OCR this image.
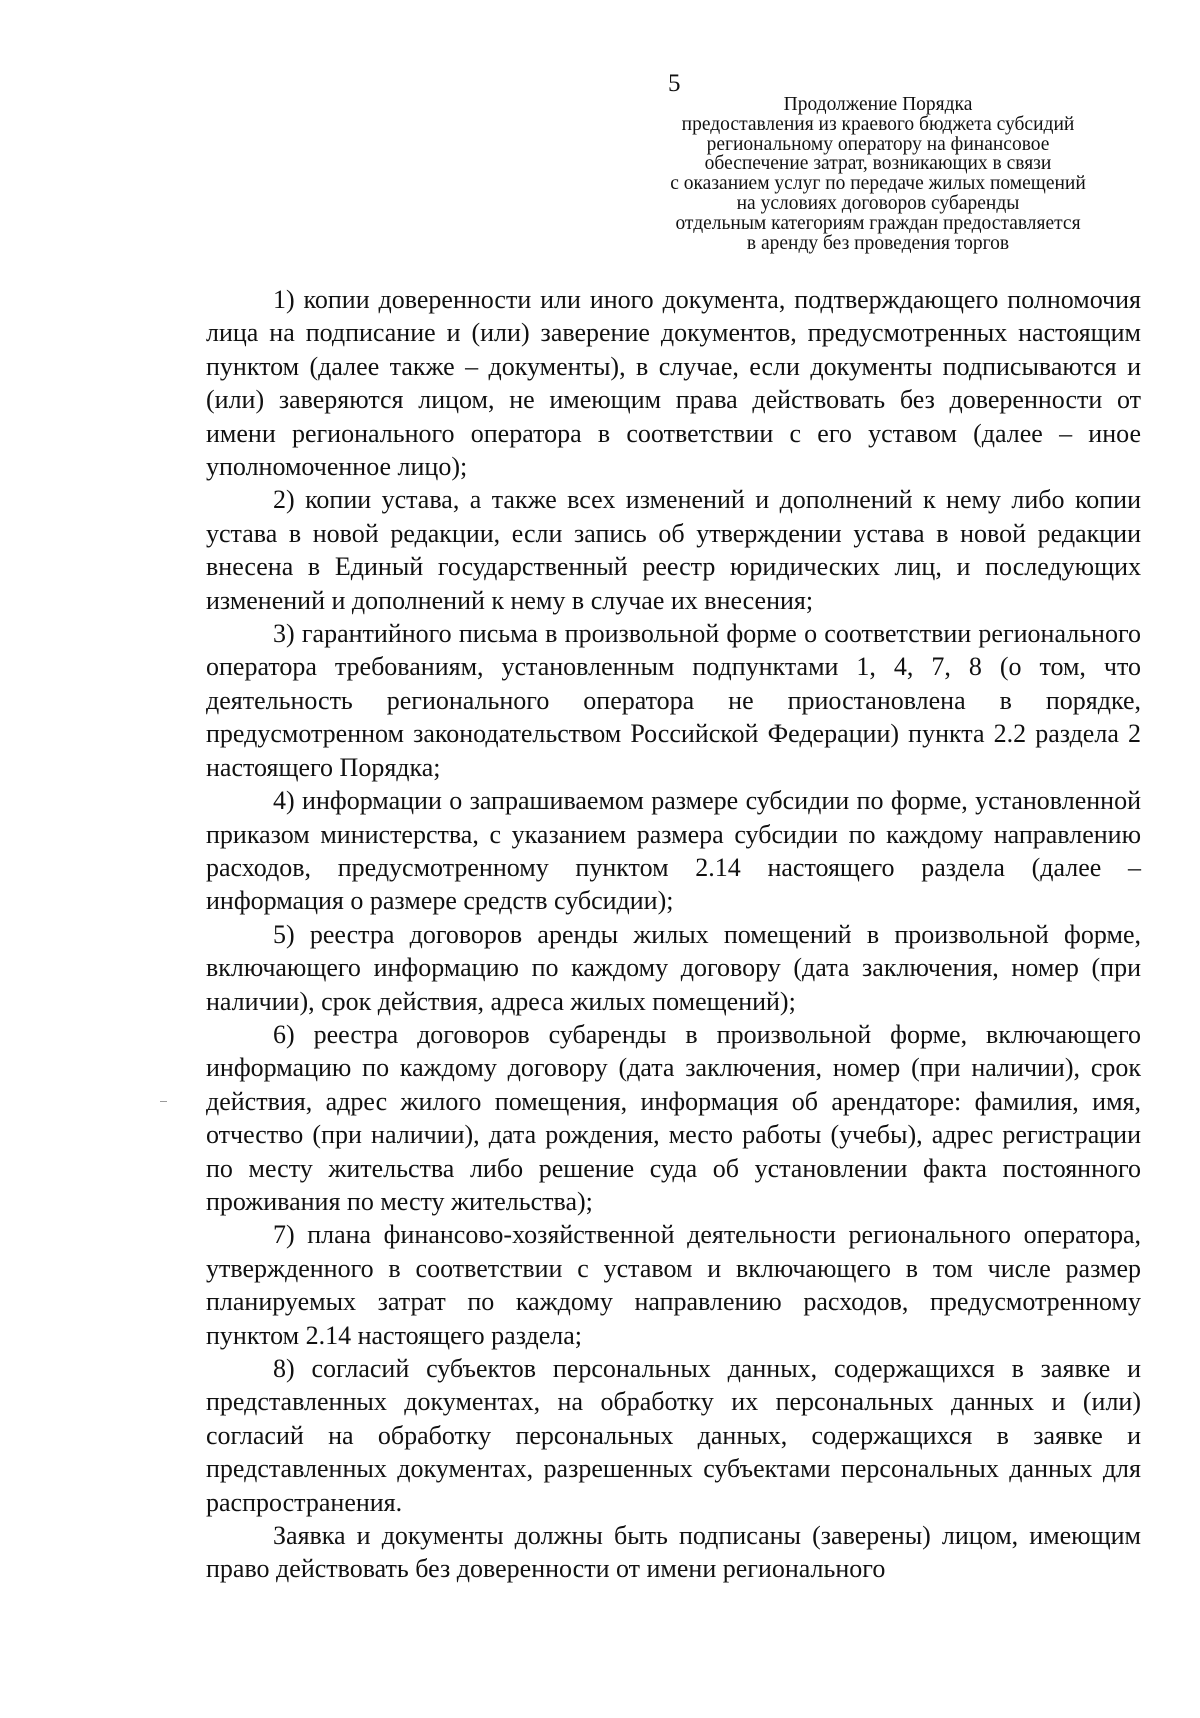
5
Продолжение Порядка
предоставления из краевого бюджета субсидий
региональному оператору на финансовое
обеспечение затрат, возникающих в связи
с оказанием услуг по передаче жилых помещений
на условиях договоров субаренды
отдельным категориям граждан предоставляется
в аренду без проведения торгов

1) копии доверенности или иного документа, подтверждающего полномочия лица на подписание и (или) заверение документов, предусмотренных настоящим пунктом (далее также – документы), в случае, если документы подписываются и (или) заверяются лицом, не имеющим права действовать без доверенности от имени регионального оператора в соответствии с его уставом (далее – иное уполномоченное лицо);

2) копии устава, а также всех изменений и дополнений к нему либо копии устава в новой редакции, если запись об утверждении устава в новой редакции внесена в Единый государственный реестр юридических лиц, и последующих изменений и дополнений к нему в случае их внесения;

3) гарантийного письма в произвольной форме о соответствии регионального оператора требованиям, установленным подпунктами 1, 4, 7, 8 (о том, что деятельность регионального оператора не приостановлена в порядке, предусмотренном законодательством Российской Федерации) пункта 2.2 раздела 2 настоящего Порядка;

4) информации о запрашиваемом размере субсидии по форме, установленной приказом министерства, с указанием размера субсидии по каждому направлению расходов, предусмотренному пунктом 2.14 настоящего раздела (далее – информация о размере средств субсидии);

5) реестра договоров аренды жилых помещений в произвольной форме, включающего информацию по каждому договору (дата заключения, номер (при наличии), срок действия, адреса жилых помещений);

6) реестра договоров субаренды в произвольной форме, включающего информацию по каждому договору (дата заключения, номер (при наличии), срок действия, адрес жилого помещения, информация об арендаторе: фамилия, имя, отчество (при наличии), дата рождения, место работы (учебы), адрес регистрации по месту жительства либо решение суда об установлении факта постоянного проживания по месту жительства);

7) плана финансово-хозяйственной деятельности регионального оператора, утвержденного в соответствии с уставом и включающего в том числе размер планируемых затрат по каждому направлению расходов, предусмотренному пунктом 2.14 настоящего раздела;

8) согласий субъектов персональных данных, содержащихся в заявке и представленных документах, на обработку их персональных данных и (или) согласий на обработку персональных данных, содержащихся в заявке и представленных документах, разрешенных субъектами персональных данных для распространения.

Заявка и документы должны быть подписаны (заверены) лицом, имеющим право действовать без доверенности от имени регионального
